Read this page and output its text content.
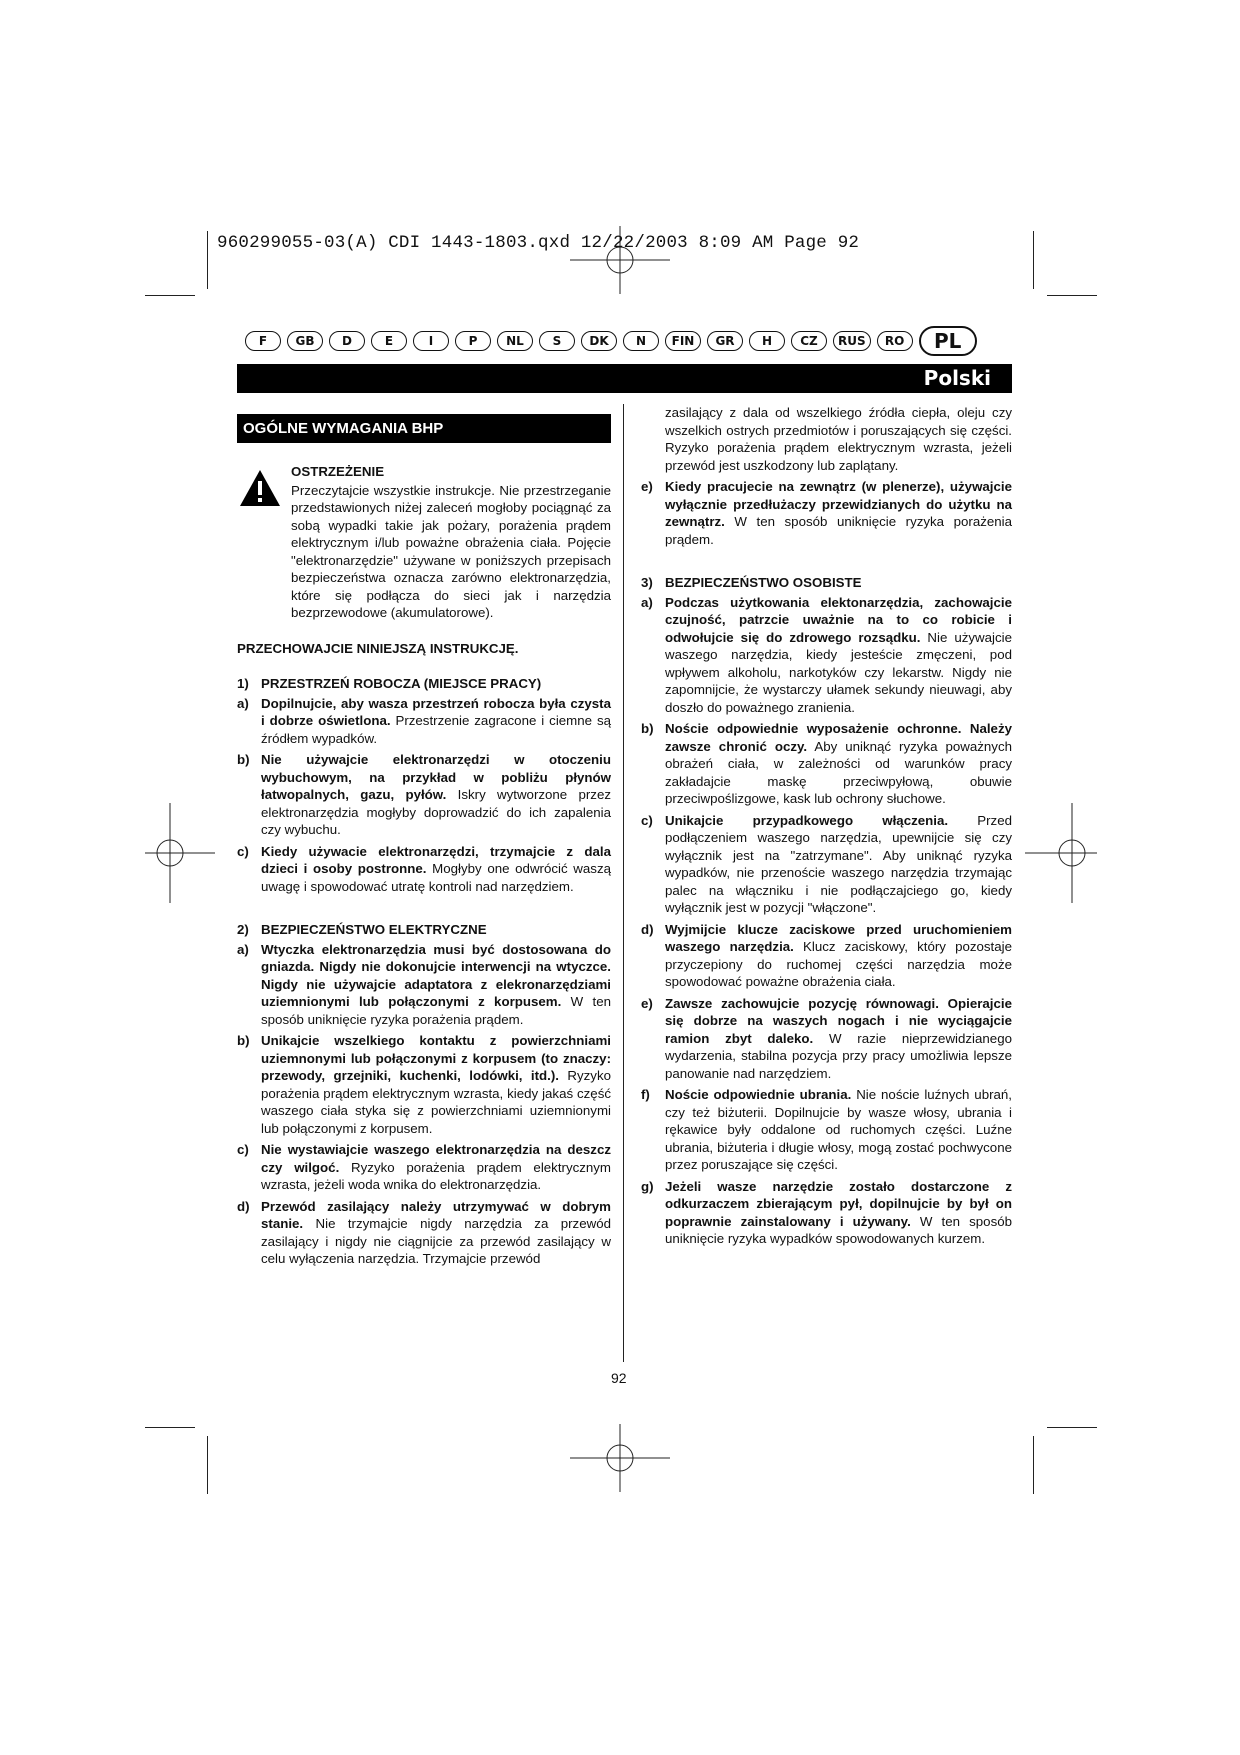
960299055-03(A) CDI 1443-1803.qxd 12/22/2003 8:09 AM Page 92
F	GB	D	E	I	P	NL	S	DK	N	FIN	GR	H	CZ	RUS	RO	PL
Polski
OGÓLNE WYMAGANIA BHP
OSTRZEŻENIE

Przeczytajcie wszystkie instrukcje. Nie przestrzeganie przedstawionych niżej zaleceń mogłoby pociągnąć za sobą wypadki takie jak pożary, porażenia prądem elektrycznym i/lub poważne obrażenia ciała. Pojęcie "elektronarzędzie" używane w poniższych przepisach bezpieczeństwa oznacza zarówno elektronarzędzia, które się podłącza do sieci jak i narzędzia bezprzewodowe (akumulatorowe).

PRZECHOWAJCIE NINIEJSZĄ INSTRUKCJĘ.
1) PRZESTRZEŃ ROBOCZA (MIEJSCE PRACY)
a) Dopilnujcie, aby wasza przestrzeń robocza była czysta i dobrze oświetlona. Przestrzenie zagracone i ciemne są źródłem wypadków.
b) Nie używajcie elektronarzędzi w otoczeniu wybuchowym, na przykład w pobliżu płynów łatwopalnych, gazu, pyłów. Iskry wytworzone przez elektronarzędzia mogłyby doprowadzić do ich zapalenia czy wybuchu.
c) Kiedy używacie elektronarzędzi, trzymajcie z dala dzieci i osoby postronne. Mogłyby one odwrócić waszą uwagę i spowodować utratę kontroli nad narzędziem.
2) BEZPIECZEŃSTWO ELEKTRYCZNE
a) Wtyczka elektronarzędzia musi być dostosowana do gniazda. Nigdy nie dokonujcie interwencji na wtyczce. Nigdy nie używajcie adaptatora z elekronarzędziami uziemnionymi lub połączonymi z korpusem. W ten sposób uniknięcie ryzyka porażenia prądem.
b) Unikajcie wszelkiego kontaktu z powierzchniami uziemnonymi lub połączonymi z korpusem (to znaczy: przewody, grzejniki, kuchenki, lodówki, itd.). Ryzyko porażenia prądem elektrycznym wzrasta, kiedy jakaś część waszego ciała styka się z powierzchniami uziemnionymi lub połączonymi z korpusem.
c) Nie wystawiajcie waszego elektronarzędzia na deszcz czy wilgoć. Ryzyko porażenia prądem elektrycznym wzrasta, jeżeli woda wnika do elektronarzędzia.
d) Przewód zasilający należy utrzymywać w dobrym stanie. Nie trzymajcie nigdy narzędzia za przewód zasilający i nigdy nie ciągnijcie za przewód zasilający w celu wyłączenia narzędzia. Trzymajcie przewód
zasilający z dala od wszelkiego źródła ciepła, oleju czy wszelkich ostrych przedmiotów i poruszających się części. Ryzyko porażenia prądem elektrycznym wzrasta, jeżeli przewód jest uszkodzony lub zaplątany.
e) Kiedy pracujecie na zewnątrz (w plenerze), używajcie wyłącznie przedłużaczy przewidzianych do użytku na zewnątrz. W ten sposób uniknięcie ryzyka porażenia prądem.
3) BEZPIECZEŃSTWO OSOBISTE
a) Podczas użytkowania elektonarzędzia, zachowajcie czujność, patrzcie uważnie na to co robicie i odwołujcie się do zdrowego rozsądku. Nie używajcie waszego narzędzia, kiedy jesteście zmęczeni, pod wpływem alkoholu, narkotyków czy lekarstw. Nigdy nie zapomnijcie, że wystarczy ułamek sekundy nieuwagi, aby doszło do poważnego zranienia.
b) Noście odpowiednie wyposażenie ochronne. Należy zawsze chronić oczy. Aby uniknąć ryzyka poważnych obrażeń ciała, w zależności od warunków pracy zakładajcie maskę przeciwpyłową, obuwie przeciwpoślizgowe, kask lub ochrony słuchowe.
c) Unikajcie przypadkowego włączenia. Przed podłączeniem waszego narzędzia, upewnijcie się czy wyłącznik jest na "zatrzymane". Aby uniknąć ryzyka wypadków, nie przenoście waszego narzędzia trzymając palec na włączniku i nie podłączajciego go, kiedy wyłącznik jest w pozycji "włączone".
d) Wyjmijcie klucze zaciskowe przed uruchomieniem waszego narzędzia. Klucz zaciskowy, który pozostaje przyczepiony do ruchomej części narzędzia może spowodować poważne obrażenia ciała.
e) Zawsze zachowujcie pozycję równowagi. Opierajcie się dobrze na waszych nogach i nie wyciągajcie ramion zbyt daleko. W razie nieprzewidzianego wydarzenia, stabilna pozycja przy pracy umożliwia lepsze panowanie nad narzędziem.
f)	Noście odpowiednie ubrania. Nie noście luźnych ubrań, czy też biżuterii. Dopilnujcie by wasze włosy, ubrania i rękawice były oddalone od ruchomych części. Luźne ubrania, biżuteria i długie włosy, mogą zostać pochwycone przez poruszające się części.
g) Jeżeli wasze narzędzie zostało dostarczone z odkurzaczem zbierającym pył, dopilnujcie by był on poprawnie zainstalowany i używany. W ten sposób uniknięcie ryzyka wypadków spowodowanych kurzem.
92
